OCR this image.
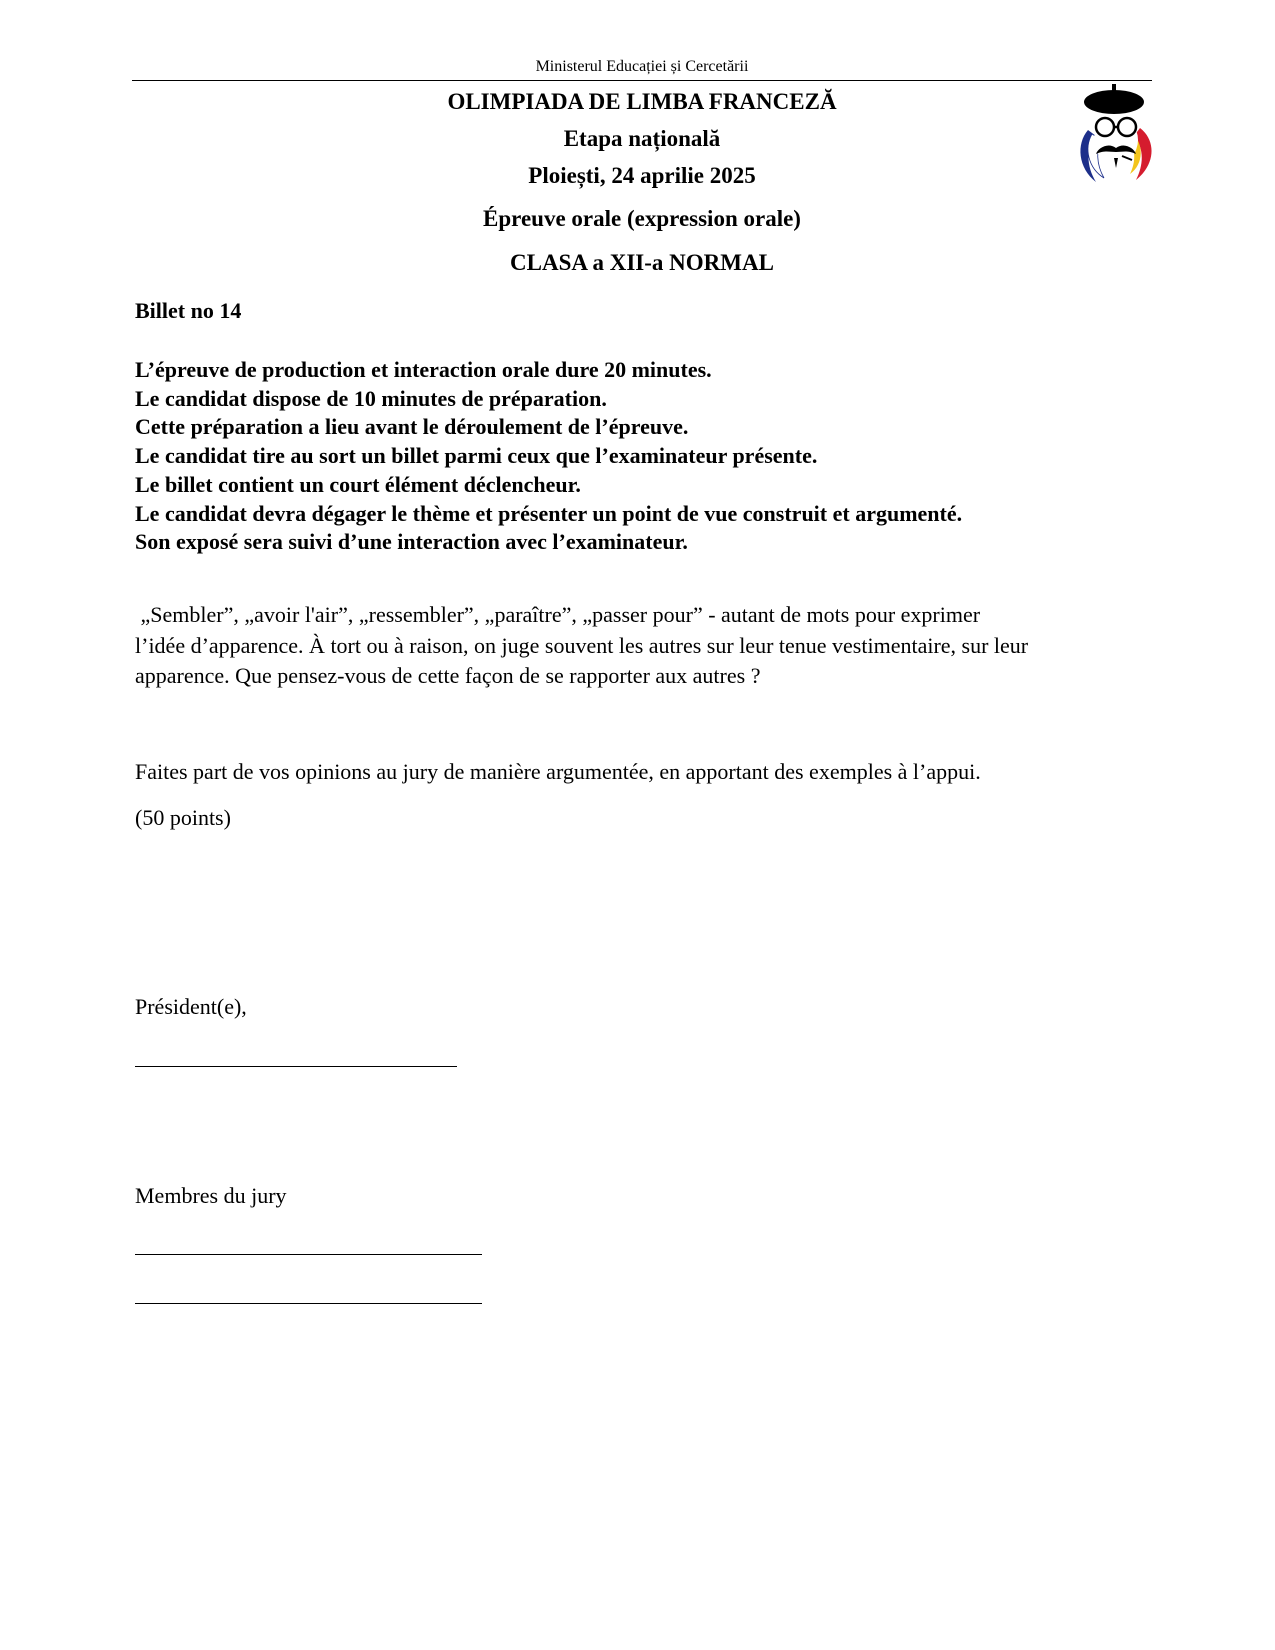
Ministerul Educației și Cercetării
OLIMPIADA DE LIMBA FRANCEZĂ
Etapa națională
Ploiești, 24 aprilie 2025
Épreuve orale (expression orale)
CLASA a XII-a NORMAL
Billet no 14
L’épreuve de production et interaction orale dure 20 minutes.
Le candidat dispose de 10 minutes de préparation.
Cette préparation a lieu avant le déroulement de l’épreuve.
Le candidat tire au sort un billet parmi ceux que l’examinateur présente.
Le billet contient un court élément déclencheur.
Le candidat devra dégager le thème et présenter un point de vue construit et argumenté.
Son exposé sera suivi d’une interaction avec l’examinateur.
„Sembler”, „avoir l'air”, „ressembler”, „paraître”, „passer pour” - autant de mots pour exprimer
l’idée d’apparence. À tort ou à raison, on juge souvent les autres sur leur tenue vestimentaire, sur leur
apparence. Que pensez-vous de cette façon de se rapporter aux autres ?
Faites part de vos opinions au jury de manière argumentée, en apportant des exemples à l’appui.
(50 points)
Président(e),
Membres du jury
